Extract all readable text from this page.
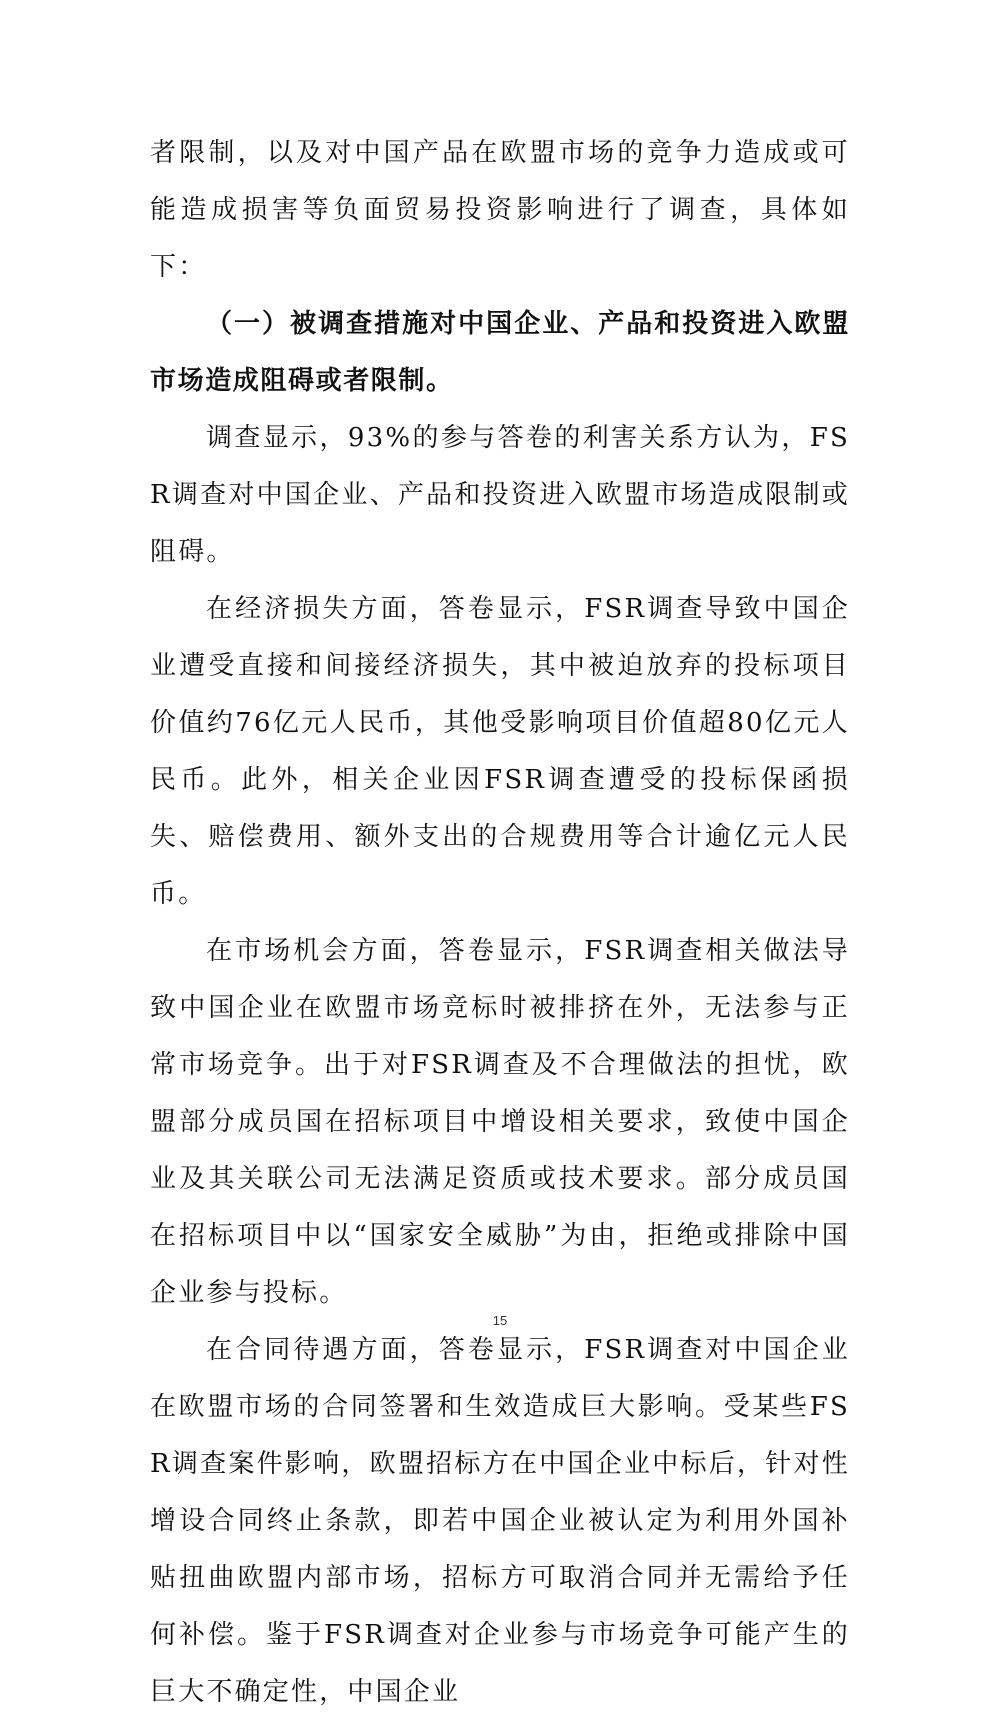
者限制，以及对中国产品在欧盟市场的竞争力造成或可能造成损害等负面贸易投资影响进行了调查，具体如下：

（一）被调查措施对中国企业、产品和投资进入欧盟市场造成阻碍或者限制。

调查显示，93%的参与答卷的利害关系方认为，FSR调查对中国企业、产品和投资进入欧盟市场造成限制或阻碍。

在经济损失方面，答卷显示，FSR调查导致中国企业遭受直接和间接经济损失，其中被迫放弃的投标项目价值约76亿元人民币，其他受影响项目价值超80亿元人民币。此外，相关企业因FSR调查遭受的投标保函损失、赔偿费用、额外支出的合规费用等合计逾亿元人民币。

在市场机会方面，答卷显示，FSR调查相关做法导致中国企业在欧盟市场竞标时被排挤在外，无法参与正常市场竞争。出于对FSR调查及不合理做法的担忧，欧盟部分成员国在招标项目中增设相关要求，致使中国企业及其关联公司无法满足资质或技术要求。部分成员国在招标项目中以“国家安全威胁”为由，拒绝或排除中国企业参与投标。

在合同待遇方面，答卷显示，FSR调查对中国企业在欧盟市场的合同签署和生效造成巨大影响。受某些FSR调查案件影响，欧盟招标方在中国企业中标后，针对性增设合同终止条款，即若中国企业被认定为利用外国补贴扭曲欧盟内部市场，招标方可取消合同并无需给予任何补偿。鉴于FSR调查对企业参与市场竞争可能产生的巨大不确定性，中国企业

15
